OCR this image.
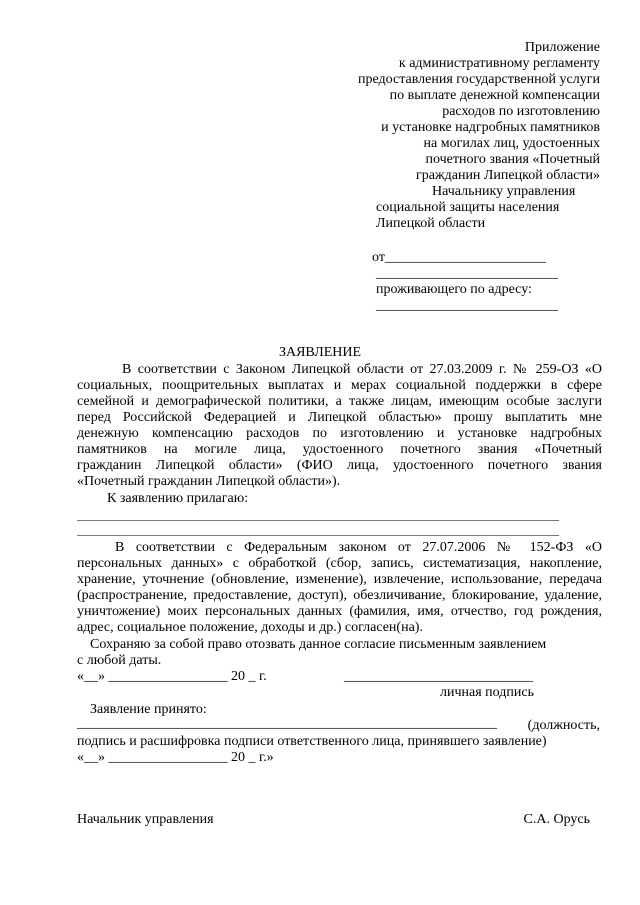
Приложение
к административному регламенту
предоставления государственной услуги
по выплате денежной компенсации
расходов по изготовлению
и установке надгробных памятников
на могилах лиц, удостоенных
почетного звания «Почетный
гражданин Липецкой области»
Начальнику управления
социальной защиты населения
Липецкой области
от_______________________
__________________________
проживающего по адресу:
__________________________
ЗАЯВЛЕНИЕ
В соответствии с Законом Липецкой области от 27.03.2009 г. № 259-ОЗ «О
социальных, поощрительных выплатах и мерах социальной поддержки в сфере
семейной и демографической политики, а также лицам, имеющим особые заслуги
перед Российской Федерацией и Липецкой областью» прошу выплатить мне
денежную компенсацию расходов по изготовлению и установке надгробных
памятников на могиле лица, удостоенного почетного звания «Почетный
гражданин Липецкой области» (ФИО лица, удостоенного почетного звания
«Почетный гражданин Липецкой области»).
К заявлению прилагаю:
В соответствии с Федеральным законом от 27.07.2006 № 152-ФЗ «О
персональных данных» с обработкой (сбор, запись, систематизация, накопление,
хранение, уточнение (обновление, изменение), извлечение, использование, передача
(распространение, предоставление, доступ), обезличивание, блокирование, удаление,
уничтожение) моих персональных данных (фамилия, имя, отчество, год рождения,
адрес, социальное положение, доходы и др.) согласен(на).
Сохраняю за собой право отозвать данное согласие письменным заявлением
с любой даты.
«__» _________________ 20 _ г.	___________________________
личная подпись
Заявление принято:
____________________________________________________________ (должность,
подпись и расшифровка подписи ответственного лица, принявшего заявление)
«__» _________________ 20 _ г.»
Начальник управления	С.А. Орусь
